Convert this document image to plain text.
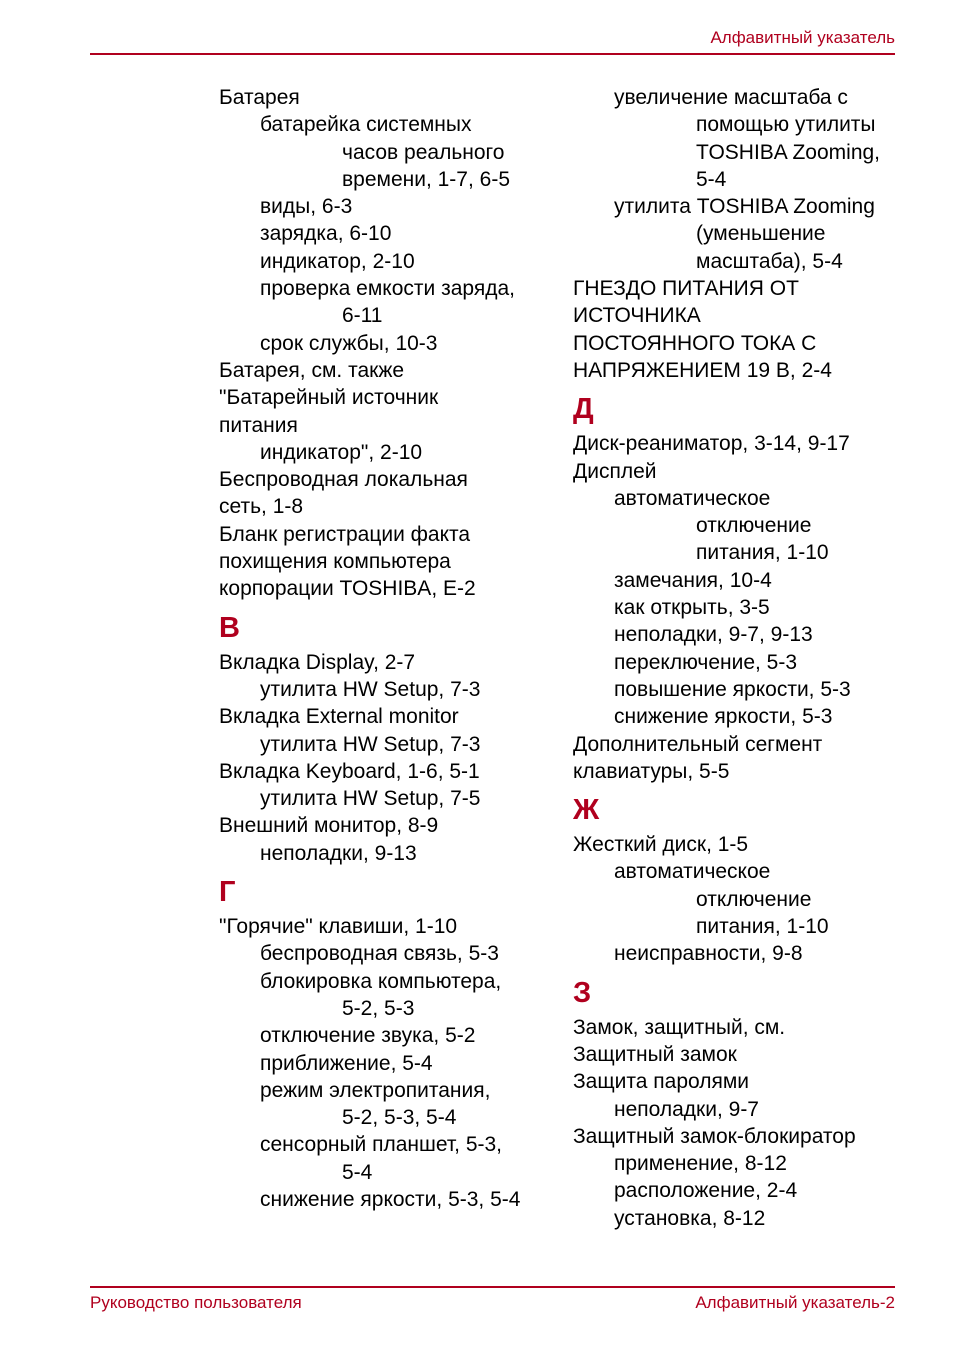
Алфавитный указатель
Батарея
батарейка системных
часов реального
времени, 1-7, 6-5
виды, 6-3
зарядка, 6-10
индикатор, 2-10
проверка емкости заряда,
6-11
срок службы, 10-3
Батарея, см. также
"Батарейный источник
питания
индикатор", 2-10
Беспроводная локальная
сеть, 1-8
Бланк регистрации факта
похищения компьютера
корпорации TOSHIBA, E-2
В
Вкладка Display, 2-7
утилита HW Setup, 7-3
Вкладка External monitor
утилита HW Setup, 7-3
Вкладка Keyboard, 1-6, 5-1
утилита HW Setup, 7-5
Внешний монитор, 8-9
неполадки, 9-13
Г
"Горячие" клавиши, 1-10
беспроводная связь, 5-3
блокировка компьютера,
5-2, 5-3
отключение звука, 5-2
приближение, 5-4
режим электропитания,
5-2, 5-3, 5-4
сенсорный планшет, 5-3,
5-4
снижение яркости, 5-3, 5-4
увеличение масштаба с
помощью утилиты
TOSHIBA Zooming,
5-4
утилита TOSHIBA Zooming
(уменьшение
масштаба), 5-4
ГНЕЗДО ПИТАНИЯ ОТ
ИСТОЧНИКА
ПОСТОЯННОГО ТОКА С
НАПРЯЖЕНИЕМ 19 В, 2-4
Д
Диск-реаниматор, 3-14, 9-17
Дисплей
автоматическое
отключение
питания, 1-10
замечания, 10-4
как открыть, 3-5
неполадки, 9-7, 9-13
переключение, 5-3
повышение яркости, 5-3
снижение яркости, 5-3
Дополнительный сегмент
клавиатуры, 5-5
Ж
Жесткий диск, 1-5
автоматическое
отключение
питания, 1-10
неисправности, 9-8
З
Замок, защитный, см.
Защитный замок
Защита паролями
неполадки, 9-7
Защитный замок-блокиратор
применение, 8-12
расположение, 2-4
установка, 8-12
Руководство пользователя	Алфавитный указатель-2
